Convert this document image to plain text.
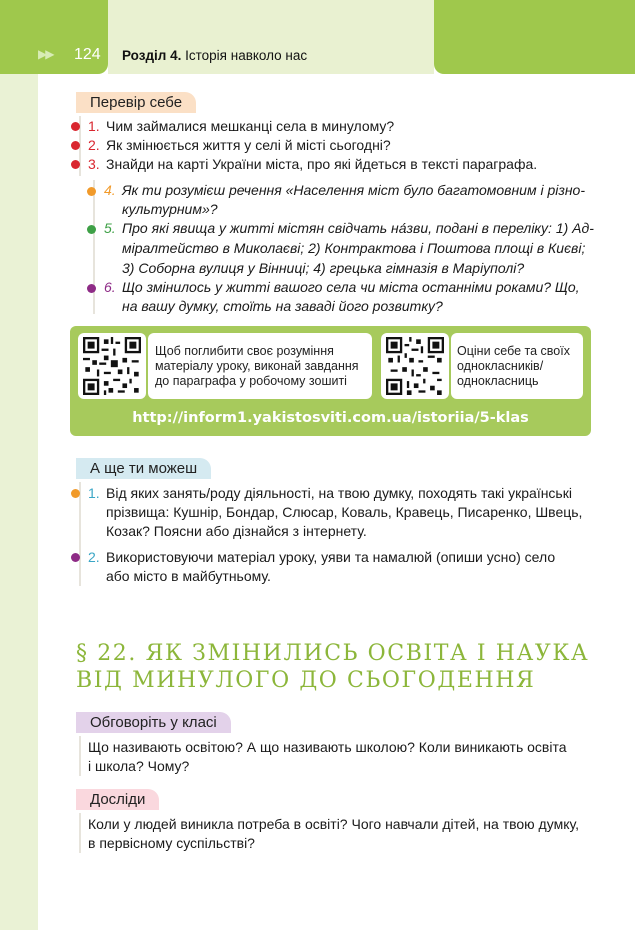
▶▶ 124 Розділ 4. Історія навколо нас
Перевір себе
1. Чим займалися мешканці села в минулому?
2. Як змінюється життя у селі й місті сьогодні?
3. Знайди на карті України міста, про які йдеться в тексті параграфа.
4. Як ти розумієш речення «Населення міст було багатомовним і різно-
культурним»?
5. Про які явища у житті містян свідчать на́зви, подані в переліку: 1) Ад-
міралтейство в Миколаєві; 2) Контрактова і Поштова площі в Києві;
3) Соборна вулиця у Вінниці; 4) грецька гімназія в Маріуполі?
6. Що змінилось у житті вашого села чи міста останніми роками? Що,
на вашу думку, стоїть на заваді його розвитку?
Щоб поглибити своє розуміння
матеріалу уроку, виконай завдання
до параграфа у робочому зошиті
Оціни себе та своїх
однокласників/
однокласниць
http://inform1.yakistosviti.com.ua/istoriia/5-klas
А ще ти можеш
1. Від яких занять/роду діяльності, на твою думку, походять такі українські
прізвища: Кушнір, Бондар, Слюсар, Коваль, Кравець, Писаренко, Швець,
Козак? Поясни або дізнайся з інтернету.
2. Використовуючи матеріал уроку, уяви та намалюй (опиши усно) село
або місто в майбутньому.
§ 22. ЯК ЗМІНИЛИСЬ ОСВІТА І НАУКА
ВІД МИНУЛОГО ДО СЬОГОДЕННЯ
Обговоріть у класі
Що називають освітою? А що називають школою? Коли виникають освіта
і школа? Чому?
Досліди
Коли у людей виникла потреба в освіті? Чого навчали дітей, на твою думку,
в первісному суспільстві?
